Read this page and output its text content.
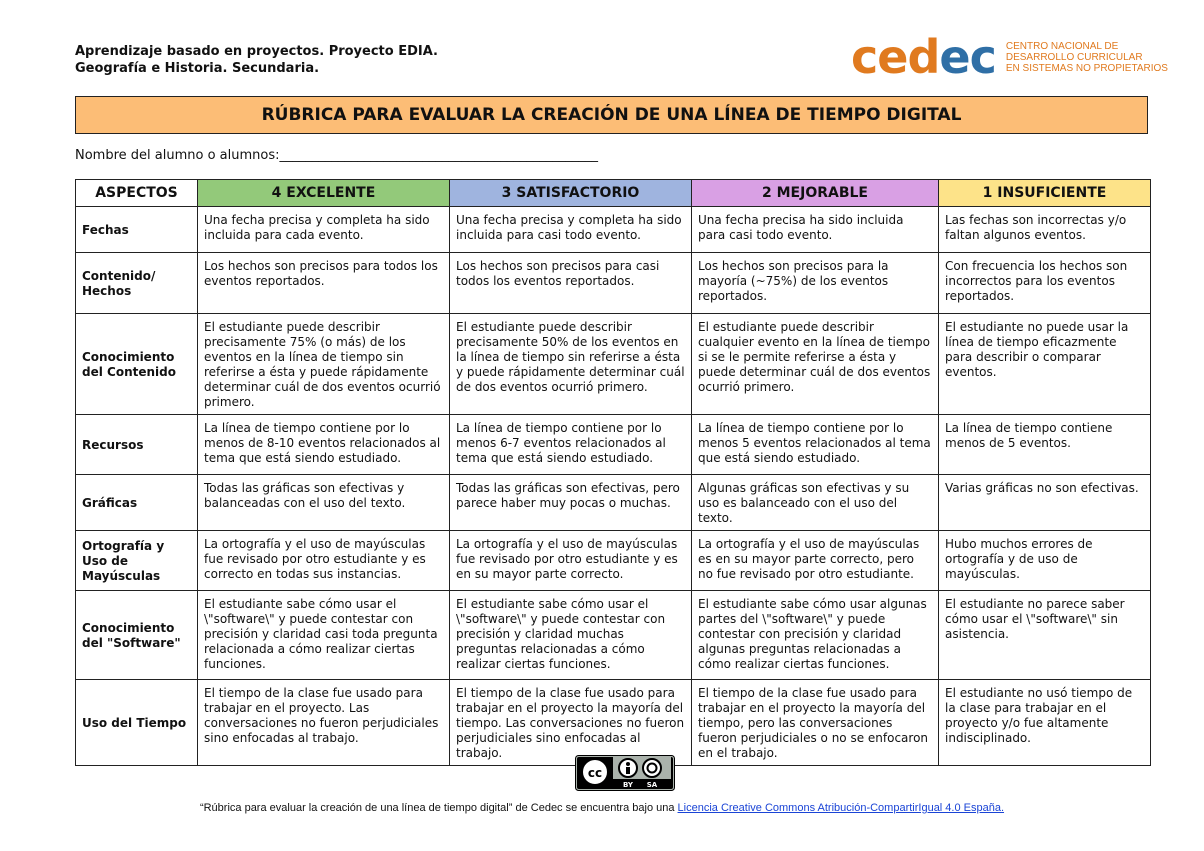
Aprendizaje basado en proyectos. Proyecto EDIA.
Geografía e Historia. Secundaria.	cedec CENTRO NACIONAL DE
DESARROLLO CURRICULAR
EN SISTEMAS NO PROPIETARIOS
RÚBRICA PARA EVALUAR LA CREACIÓN DE UNA LÍNEA DE TIEMPO DIGITAL
Nombre del alumno o alumnos:_________________________________________________
ASPECTOS	4 EXCELENTE	3 SATISFACTORIO	2 MEJORABLE	1 INSUFICIENTE
Fechas	Una fecha precisa y completa ha sido incluida para cada evento.	Una fecha precisa y completa ha sido incluida para casi todo evento.	Una fecha precisa ha sido incluida para casi todo evento.	Las fechas son incorrectas y/o faltan algunos eventos.
Contenido/ Hechos	Los hechos son precisos para todos los eventos reportados.	Los hechos son precisos para casi todos los eventos reportados.	Los hechos son precisos para la mayoría (~75%) de los eventos reportados.	Con frecuencia los hechos son incorrectos para los eventos reportados.
Conocimiento del Contenido	El estudiante puede describir precisamente 75% (o más) de los eventos en la línea de tiempo sin referirse a ésta y puede rápidamente determinar cuál de dos eventos ocurrió primero.	El estudiante puede describir precisamente 50% de los eventos en la línea de tiempo sin referirse a ésta y puede rápidamente determinar cuál de dos eventos ocurrió primero.	El estudiante puede describir cualquier evento en la línea de tiempo si se le permite referirse a ésta y puede determinar cuál de dos eventos ocurrió primero.	El estudiante no puede usar la línea de tiempo eficazmente para describir o comparar eventos.
Recursos	La línea de tiempo contiene por lo menos de 8-10 eventos relacionados al tema que está siendo estudiado.	La línea de tiempo contiene por lo menos 6-7 eventos relacionados al tema que está siendo estudiado.	La línea de tiempo contiene por lo menos 5 eventos relacionados al tema que está siendo estudiado.	La línea de tiempo contiene menos de 5 eventos.
Gráficas	Todas las gráficas son efectivas y balanceadas con el uso del texto.	Todas las gráficas son efectivas, pero parece haber muy pocas o muchas.	Algunas gráficas son efectivas y su uso es balanceado con el uso del texto.	Varias gráficas no son efectivas.
Ortografía y Uso de Mayúsculas	La ortografía y el uso de mayúsculas fue revisado por otro estudiante y es correcto en todas sus instancias.	La ortografía y el uso de mayúsculas fue revisado por otro estudiante y es en su mayor parte correcto.	La ortografía y el uso de mayúsculas es en su mayor parte correcto, pero no fue revisado por otro estudiante.	Hubo muchos errores de ortografía y de uso de mayúsculas.
Conocimiento del "Software"	El estudiante sabe cómo usar el \"software\" y puede contestar con precisión y claridad casi toda pregunta relacionada a cómo realizar ciertas funciones.	El estudiante sabe cómo usar el \"software\" y puede contestar con precisión y claridad muchas preguntas relacionadas a cómo realizar ciertas funciones.	El estudiante sabe cómo usar algunas partes del \"software\" y puede contestar con precisión y claridad algunas preguntas relacionadas a cómo realizar ciertas funciones.	El estudiante no parece saber cómo usar el \"software\" sin asistencia.
Uso del Tiempo	El tiempo de la clase fue usado para trabajar en el proyecto. Las conversaciones no fueron perjudiciales sino enfocadas al trabajo.	El tiempo de la clase fue usado para trabajar en el proyecto la mayoría del tiempo. Las conversaciones no fueron perjudiciales sino enfocadas al trabajo.	El tiempo de la clase fue usado para trabajar en el proyecto la mayoría del tiempo, pero las conversaciones fueron perjudiciales o no se enfocaron en el trabajo.	El estudiante no usó tiempo de la clase para trabajar en el proyecto y/o fue altamente indisciplinado.
cc
BY SA
“Rúbrica para evaluar la creación de una línea de tiempo digital” de Cedec se encuentra bajo una Licencia Creative Commons Atribución-CompartirIgual 4.0 España.
